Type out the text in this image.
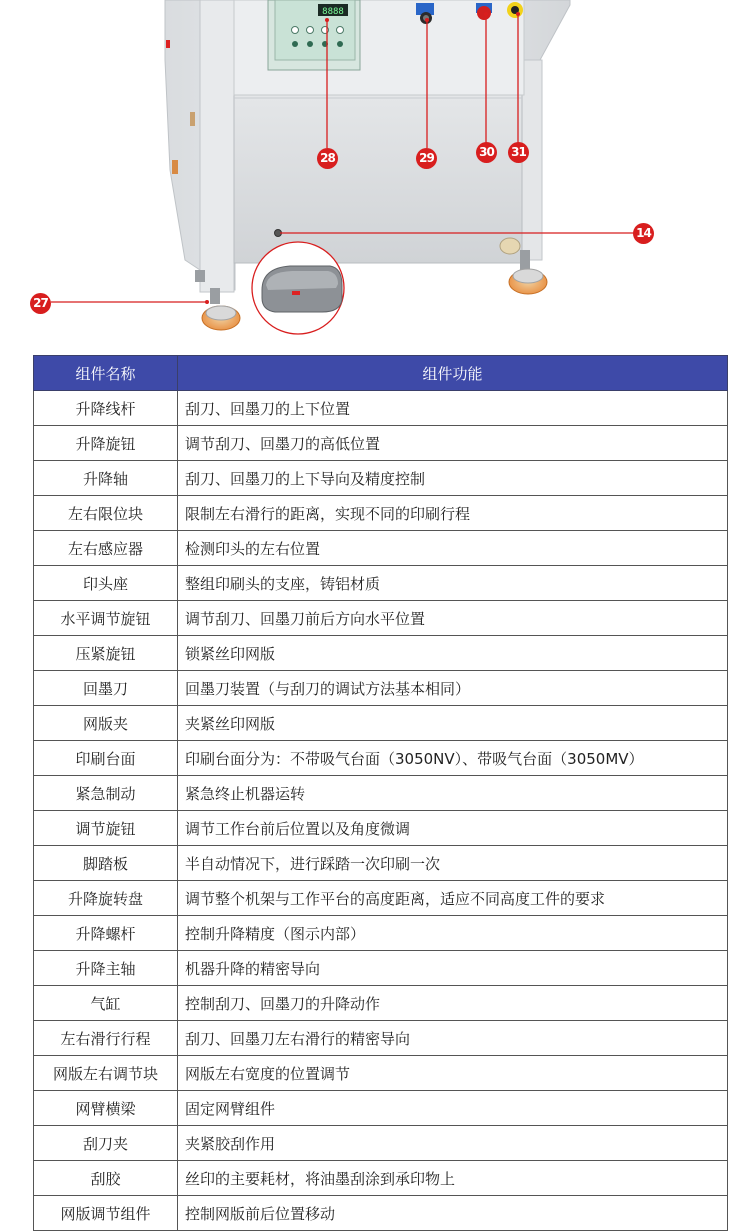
8888
28	29	30 31
14
27
组件名称	组件功能
升降线杆	刮刀、回墨刀的上下位置
升降旋钮	调节刮刀、回墨刀的高低位置
升降轴	刮刀、回墨刀的上下导向及精度控制
左右限位块	限制左右滑行的距离，实现不同的印刷行程
左右感应器	检测印头的左右位置
印头座	整组印刷头的支座，铸铝材质
水平调节旋钮	调节刮刀、回墨刀前后方向水平位置
压紧旋钮	锁紧丝印网版
回墨刀	回墨刀装置（与刮刀的调试方法基本相同）
网版夹	夹紧丝印网版
印刷台面	印刷台面分为：不带吸气台面（3050NV）、带吸气台面（3050MV）
紧急制动	紧急终止机器运转
调节旋钮	调节工作台前后位置以及角度微调
脚踏板	半自动情况下，进行踩踏一次印刷一次
升降旋转盘	调节整个机架与工作平台的高度距离，适应不同高度工件的要求
升降螺杆	控制升降精度（图示内部）
升降主轴	机器升降的精密导向
气缸	控制刮刀、回墨刀的升降动作
左右滑行行程	刮刀、回墨刀左右滑行的精密导向
网版左右调节块	网版左右宽度的位置调节
网臂横梁	固定网臂组件
刮刀夹	夹紧胶刮作用
刮胶	丝印的主要耗材，将油墨刮涂到承印物上
网版调节组件	控制网版前后位置移动
